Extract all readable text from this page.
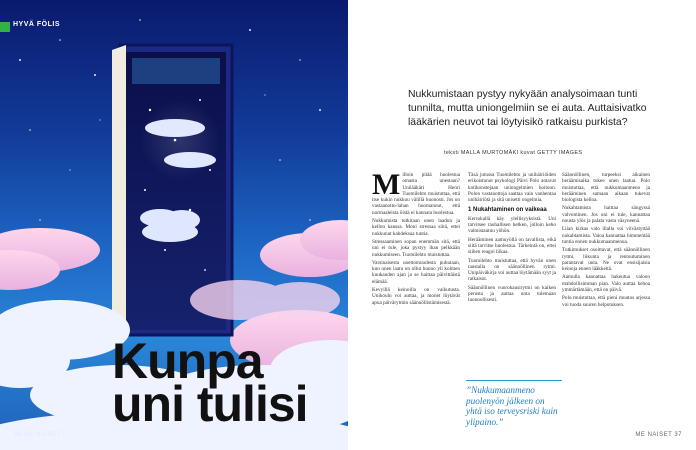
HYVÄ FÖLIS
Kunpa
uni tulisi
36 ME NAISET
Nukkumistaan pystyy nykyään analysoimaan tunti tunnilta, mutta uniongelmiin se ei auta. Auttaisivatko lääkärien neuvot tai löytyisikö ratkaisu purkista?
teksti MALLA MURTOMÄKI kuvat GETTY IMAGES
M illoin pitää huolestua omasta unestaan? Unilääkäri Henri Tuomilehto muistuttaa, että itse kukin nukkuu välillä huonosti. Jos on vastaanotto-lahan huomannut, että normaaleista öistä ei kannata huolestua.

Nukkumista tutkitaan unen laadun ja kellon kanssa. Moni stressaa siitä, ettei nukkunut kahdeksaa tuntia.

Stressaaminen sopan enemmän sitä, että uni ei tule, joka pystyy ihan pelkkään nukkumiseen. Tuomilehto muistuttaa.

Varsinaisesta unettomuudesta puhutaan, kun unen laatu on ollut huono yli kolmen kuukauden ajan ja se haittaa päivittäistä elämää.

Kevyillä keinoilla on vaikutusta. Unikoulu voi auttaa, ja monet löytävät apua päivärytmin säännöllistämisestä.

Täsä jutussa Tuomilehto ja unihäiriöiden erikoistunut psykologi Päivi Polo antavat kotikonstejaan uniongelmien hoitoon. Polon vastanottoja saattaa vain vanhentaa unihäiriötä ja sitä unisetti ongelmia.

1 Nukahtaminen on vaikeaa

Kerrokallä käy ylellisyyksistä. Uni tarvitsee rauhallisen hetken, jolloin keho valmistautuu yöhön.

Herääminen aamuyöllä on tavallista, eikä siitä tarvitse huolestua. Tärkeintä on, ettei siihen reagoi liikaa.

Tuomilehto muistuttaa, että hyvän unen taustalla on säännöllinen rytmi. Unipäiväkirja voi auttaa löytämään syyt ja ratkaisut.

Säännöllinen vuorokausirytmi on kaiken perusta ja auttaa unta tulemaan luonnollisesti.

”Nukkumaanmeno puolenyön jälkeen on yhtä iso terveysriski kuin ylipaino.”

Säännöllinen, turpeeksi aikainen heräämisaika tukee unen laatua. Polo muistuttaa, että nukkumaanmeno ja herääminen samaan aikaan tukevat biologista kelloa.

Nukahtamista haittaa sängyssä valvominen. Jos uni ei tule, kannattaa nousta ylös ja palata vasta väsyneenä.

Liian kirkas valo illalla voi viivästyttää nukahtamista. Valoa kannattaa himmentää tuntia ennen nukkumaanmenoa.

Tutkimukset osoittavat, että säännöllinen rytmi, liikunta ja rentoutuminen parantavat unta. Ne ovat ensisijaisia keinoja ennen lääkkeitä.

Aamulla kannattaa hakeutua valoon mahdollisimman pian. Valo auttaa kehoa ymmärtämään, että on päivä.

Polo muistuttaa, että pieni muutos arjessa voi tuoda suuren helpotuksen.

ME NAISET 37
